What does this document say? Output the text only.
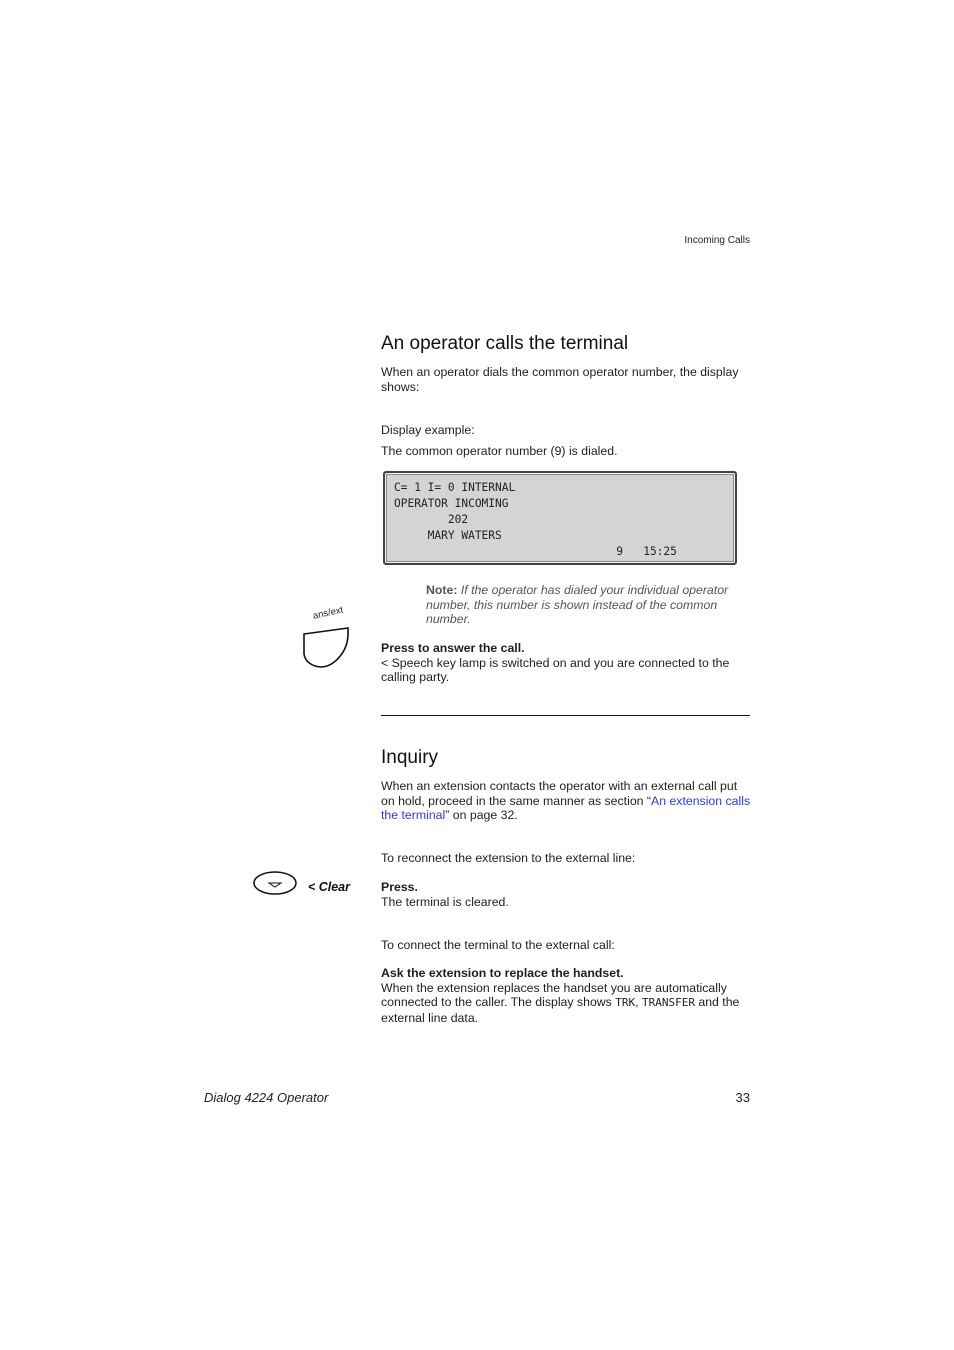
Incoming Calls
An operator calls the terminal
When an operator dials the common operator number, the display shows:
Display example:
The common operator number (9) is dialed.
C= 1 I= 0 INTERNAL
OPERATOR INCOMING
202
MARY WATERS
9   15:25
Note: If the operator has dialed your individual operator number, this number is shown instead of the common number.
ans/ext
Press to answer the call.
< Speech key lamp is switched on and you are connected to the calling party.
Inquiry
When an extension contacts the operator with an external call put on hold, proceed in the same manner as section “An extension calls the terminal” on page 32.
To reconnect the extension to the external line:
< Clear	Press.
The terminal is cleared.
To connect the terminal to the external call:
Ask the extension to replace the handset.
When the extension replaces the handset you are automatically connected to the caller. The display shows TRK, TRANSFER and the external line data.
Dialog 4224 Operator	33
